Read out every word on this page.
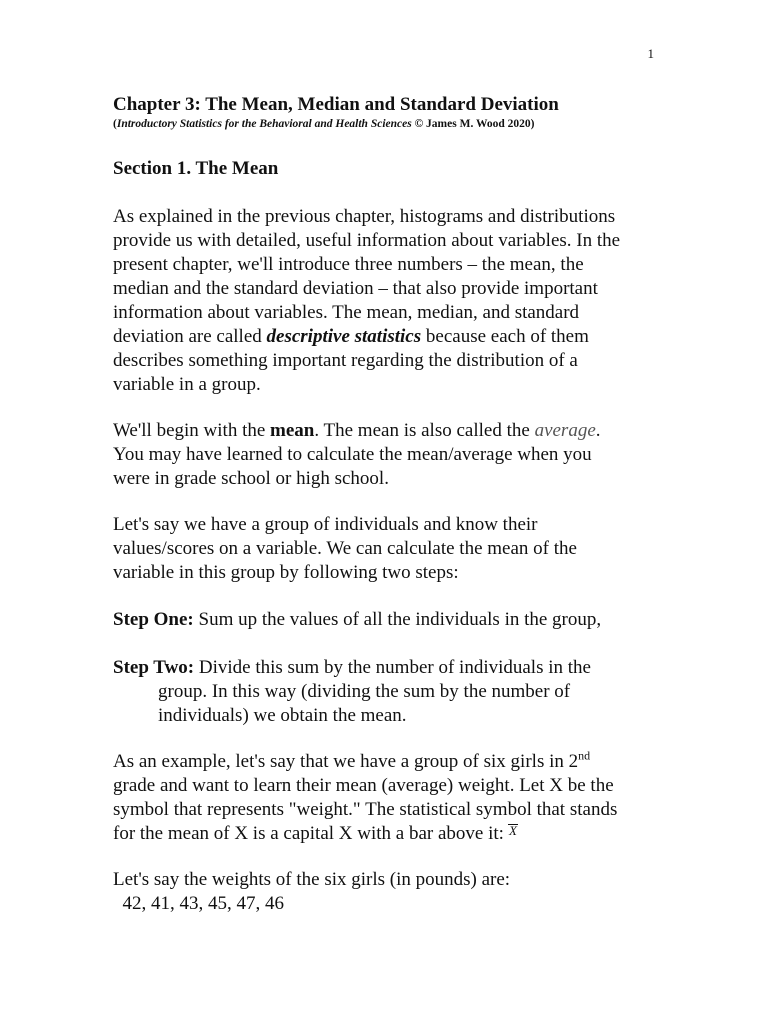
1
Chapter 3: The Mean, Median and Standard Deviation
(Introductory Statistics for the Behavioral and Health Sciences © James M. Wood 2020)
Section 1. The Mean
As explained in the previous chapter, histograms and distributions
provide us with detailed, useful information about variables. In the
present chapter, we'll introduce three numbers – the mean, the
median and the standard deviation – that also provide important
information about variables. The mean, median, and standard
deviation are called descriptive statistics because each of them
describes something important regarding the distribution of a
variable in a group.
We'll begin with the mean. The mean is also called the average.
You may have learned to calculate the mean/average when you
were in grade school or high school.
Let's say we have a group of individuals and know their
values/scores on a variable. We can calculate the mean of the
variable in this group by following two steps:
Step One: Sum up the values of all the individuals in the group,
Step Two: Divide this sum by the number of individuals in the
group. In this way (dividing the sum by the number of
individuals) we obtain the mean.
As an example, let's say that we have a group of six girls in 2nd
grade and want to learn their mean (average) weight. Let X be the
symbol that represents "weight." The statistical symbol that stands
for the mean of X is a capital X with a bar above it: X
Let's say the weights of the six girls (in pounds) are:
42, 41, 43, 45, 47, 46
